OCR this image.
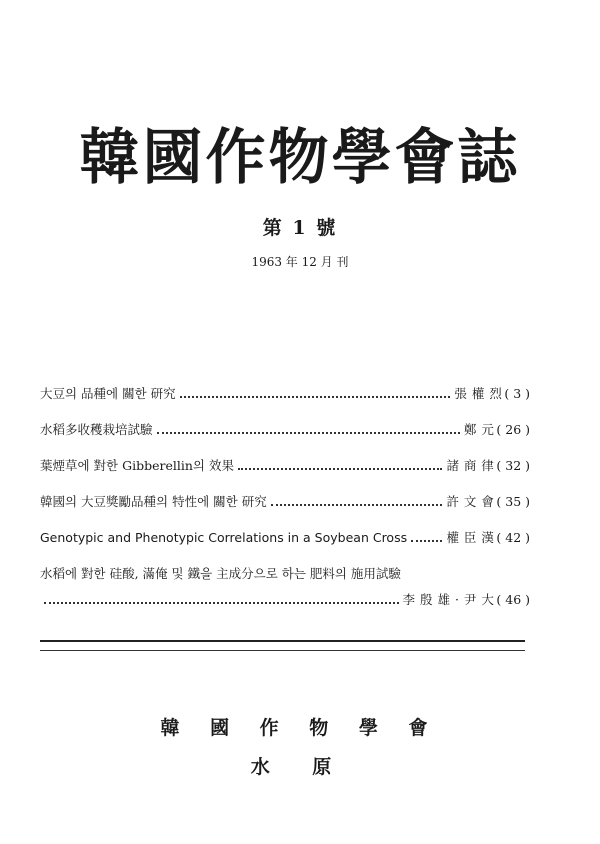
韓國作物學會誌
第 1 號
1963 年 12 月 刊
大豆의 品種에 關한 研究	張 權 烈 ( 3 )
水稻多收穫栽培試驗	鄭 元 ( 26 )
葉煙草에 對한 Gibberellin의 效果	諸 商 律 ( 32 )
韓國의 大豆獎勵品種의 特性에 關한 研究	許 文 會 ( 35 )
Genotypic and Phenotypic Correlations in a Soybean Cross	權 臣 漢 ( 42 )
水稻에 對한 硅酸, 滿俺 및 鐵을 主成分으로 하는 肥料의 施用試驗
李 殷 雄 · 尹 大 ( 46 )
韓 國 作 物 學 會
水 原
